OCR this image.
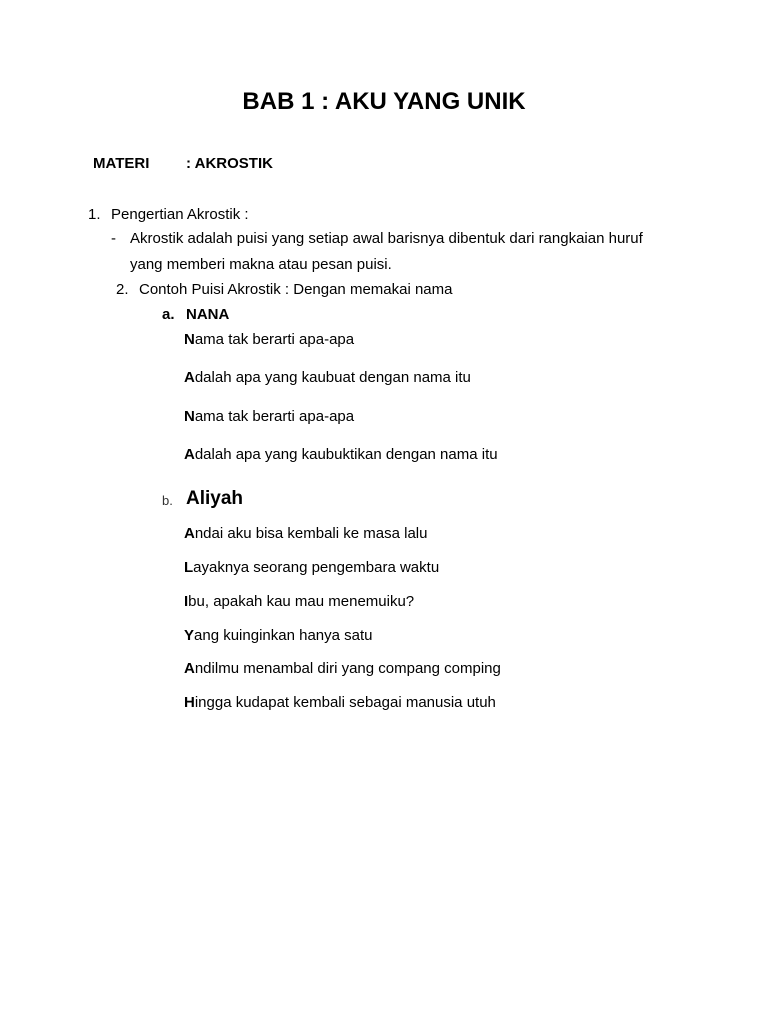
BAB 1 : AKU YANG UNIK
MATERI : AKROSTIK
1. Pengertian Akrostik :
- Akrostik adalah puisi yang setiap awal barisnya dibentuk dari rangkaian huruf
yang memberi makna atau pesan puisi.
2. Contoh Puisi Akrostik : Dengan memakai nama
a. NANA
Nama tak berarti apa-apa
Adalah apa yang kaubuat dengan nama itu
Nama tak berarti apa-apa
Adalah apa yang kaubuktikan dengan nama itu
b. Aliyah
Andai aku bisa kembali ke masa lalu
Layaknya seorang pengembara waktu
Ibu, apakah kau mau menemuiku?
Yang kuinginkan hanya satu
Andilmu menambal diri yang compang comping
Hingga kudapat kembali sebagai manusia utuh
